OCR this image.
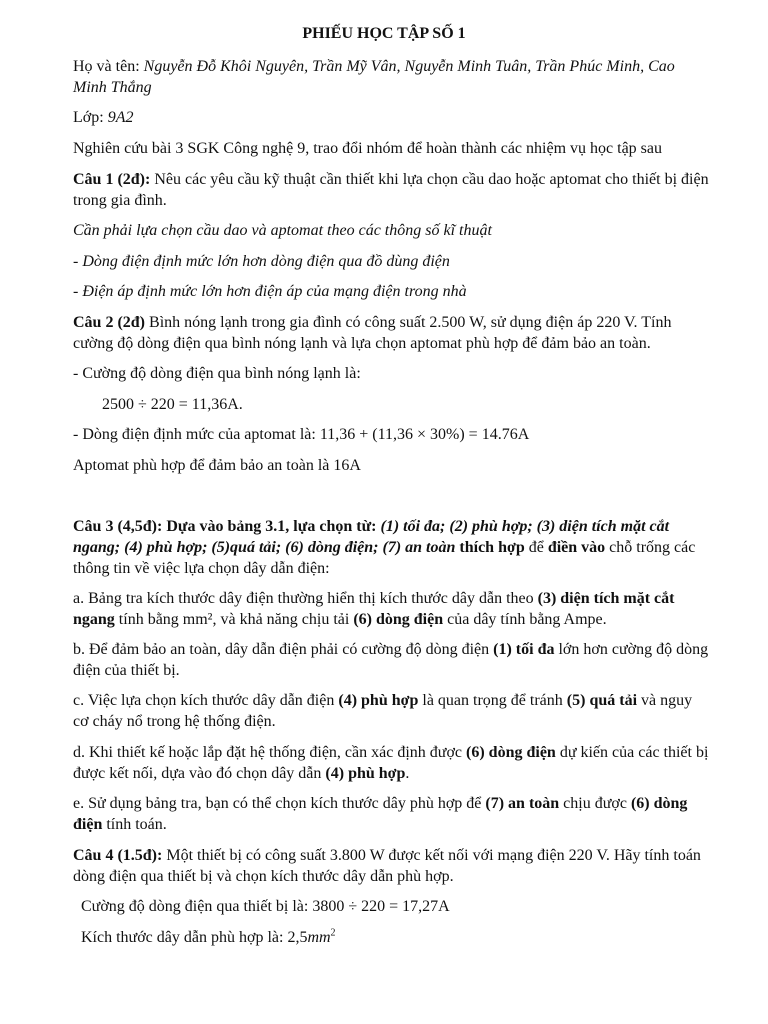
PHIẾU HỌC TẬP SỐ 1

Họ và tên: Nguyễn Đỗ Khôi Nguyên, Trần Mỹ Vân, Nguyễn Minh Tuân, Trần Phúc Minh, Cao Minh Thắng

Lớp: 9A2

Nghiên cứu bài 3 SGK Công nghệ 9, trao đổi nhóm để hoàn thành các nhiệm vụ học tập sau

Câu 1 (2đ): Nêu các yêu cầu kỹ thuật cần thiết khi lựa chọn cầu dao hoặc aptomat cho thiết bị điện trong gia đình.

Cần phải lựa chọn cầu dao và aptomat theo các thông số kĩ thuật

- Dòng điện định mức lớn hơn dòng điện qua đồ dùng điện

- Điện áp định mức lớn hơn điện áp của mạng điện trong nhà

Câu 2 (2đ) Bình nóng lạnh trong gia đình có công suất 2.500 W, sử dụng điện áp 220 V. Tính cường độ dòng điện qua bình nóng lạnh và lựa chọn aptomat phù hợp để đảm bảo an toàn.

- Cường độ dòng điện qua bình nóng lạnh là:

2500 ÷ 220 = 11,36A.

- Dòng điện định mức của aptomat là: 11,36 + (11,36 × 30%) = 14.76A

Aptomat phù hợp để đảm bảo an toàn là 16A

Câu 3 (4,5đ): Dựa vào bảng 3.1, lựa chọn từ: (1) tối đa; (2) phù hợp; (3) diện tích mặt cắt ngang; (4) phù hợp; (5)quá tải; (6) dòng điện; (7) an toàn thích hợp để điền vào chỗ trống các thông tin về việc lựa chọn dây dẫn điện:

a. Bảng tra kích thước dây điện thường hiển thị kích thước dây dẫn theo (3) diện tích mặt cắt ngang tính bằng mm², và khả năng chịu tải (6) dòng điện của dây tính bằng Ampe.

b. Để đảm bảo an toàn, dây dẫn điện phải có cường độ dòng điện (1) tối đa lớn hơn cường độ dòng điện của thiết bị.

c. Việc lựa chọn kích thước dây dẫn điện (4) phù hợp là quan trọng để tránh (5) quá tải và nguy cơ cháy nổ trong hệ thống điện.

d. Khi thiết kế hoặc lắp đặt hệ thống điện, cần xác định được (6) dòng điện dự kiến của các thiết bị được kết nối, dựa vào đó chọn dây dẫn (4) phù hợp.

e. Sử dụng bảng tra, bạn có thể chọn kích thước dây phù hợp để (7) an toàn chịu được (6) dòng điện tính toán.

Câu 4 (1.5đ): Một thiết bị có công suất 3.800 W được kết nối với mạng điện 220 V. Hãy tính toán dòng điện qua thiết bị và chọn kích thước dây dẫn phù hợp.

Cường độ dòng điện qua thiết bị là: 3800 ÷ 220 = 17,27A

Kích thước dây dẫn phù hợp là: $2,5mm^2$
